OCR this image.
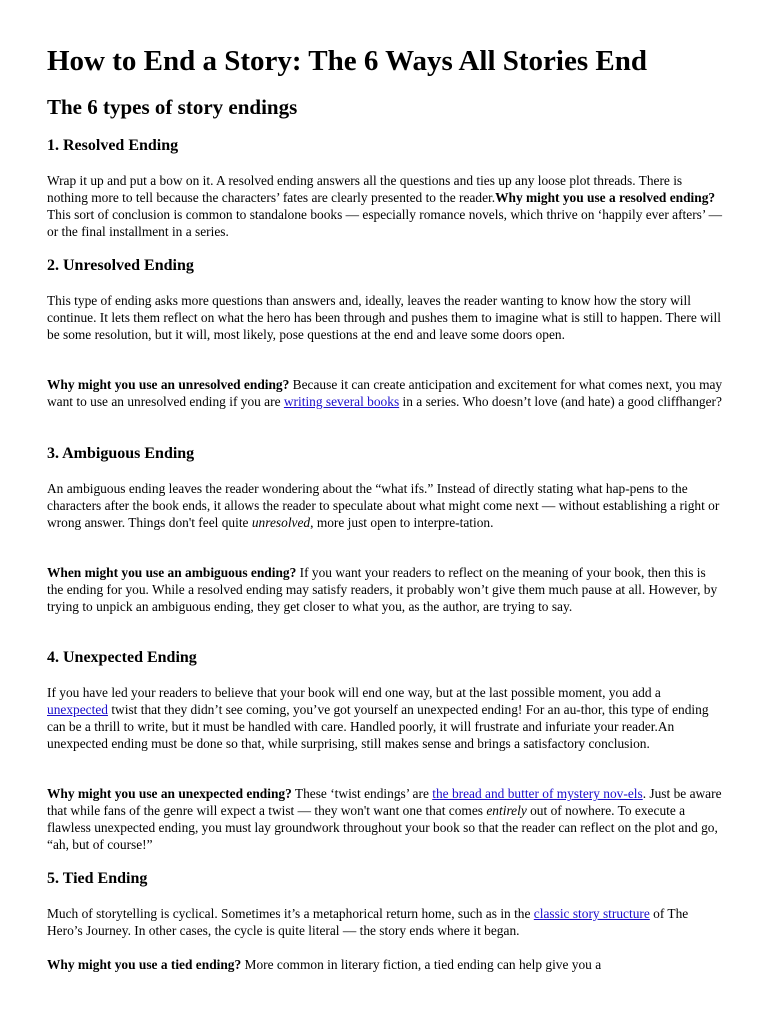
How to End a Story: The 6 Ways All Stories End
The 6 types of story endings
1. Resolved Ending

Wrap it up and put a bow on it. A resolved ending answers all the questions and ties up any loose plot threads. There is nothing more to tell because the characters’ fates are clearly presented to the reader.Why might you use a resolved ending? This sort of conclusion is common to standalone books — especially romance novels, which thrive on ‘happily ever afters’ — or the final installment in a series.

2. Unresolved Ending

This type of ending asks more questions than answers and, ideally, leaves the reader wanting to know how the story will continue. It lets them reflect on what the hero has been through and pushes them to imagine what is still to happen. There will be some resolution, but it will, most likely, pose questions at the end and leave some doors open.

Why might you use an unresolved ending? Because it can create anticipation and excitement for what comes next, you may want to use an unresolved ending if you are writing several books in a series. Who doesn’t love (and hate) a good cliffhanger?

3. Ambiguous Ending

An ambiguous ending leaves the reader wondering about the “what ifs.” Instead of directly stating what hap-pens to the characters after the book ends, it allows the reader to speculate about what might come next — without establishing a right or wrong answer. Things don't feel quite unresolved, more just open to interpre-tation.

When might you use an ambiguous ending? If you want your readers to reflect on the meaning of your book, then this is the ending for you. While a resolved ending may satisfy readers, it probably won’t give them much pause at all. However, by trying to unpick an ambiguous ending, they get closer to what you, as the author, are trying to say.

4. Unexpected Ending

If you have led your readers to believe that your book will end one way, but at the last possible moment, you add a unexpected twist that they didn’t see coming, you’ve got yourself an unexpected ending! For an au-thor, this type of ending can be a thrill to write, but it must be handled with care. Handled poorly, it will frustrate and infuriate your reader.An unexpected ending must be done so that, while surprising, still makes sense and brings a satisfactory conclusion.

Why might you use an unexpected ending? These ‘twist endings’ are the bread and butter of mystery nov-els. Just be aware that while fans of the genre will expect a twist — they won't want one that comes entirely out of nowhere. To execute a flawless unexpected ending, you must lay groundwork throughout your book so that the reader can reflect on the plot and go, “ah, but of course!”

5. Tied Ending

Much of storytelling is cyclical. Sometimes it’s a metaphorical return home, such as in the classic story structure of The Hero’s Journey. In other cases, the cycle is quite literal — the story ends where it began.

Why might you use a tied ending? More common in literary fiction, a tied ending can help give you a
